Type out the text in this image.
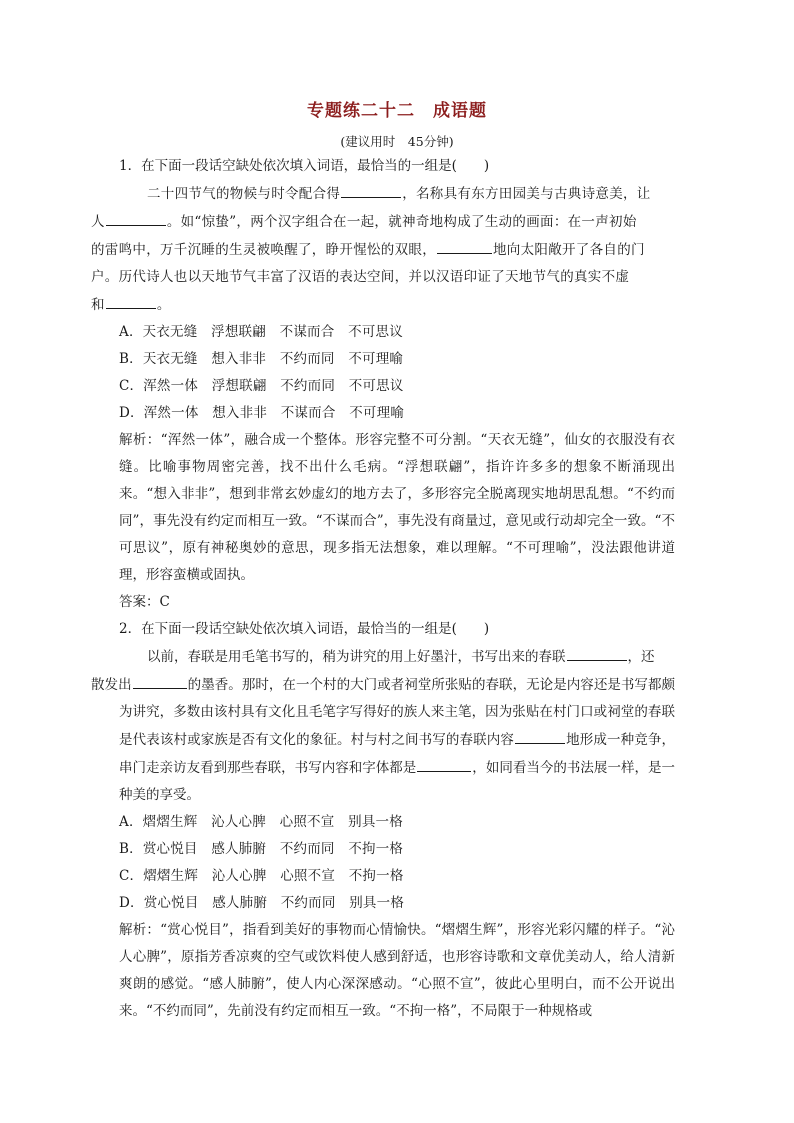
专题练二十二　成语题
(建议用时　45分钟)

1．在下面一段话空缺处依次填入词语，最恰当的一组是(　　)

二十四节气的物候与时令配合得	，名称具有东方田园美与古典诗意美，让
人	。如“惊蛰”，两个汉字组合在一起，就神奇地构成了生动的画面：在一声初始
的雷鸣中，万千沉睡的生灵被唤醒了，睁开惺忪的双眼，	地向太阳敞开了各自的门
户。历代诗人也以天地节气丰富了汉语的表达空间，并以汉语印证了天地节气的真实不虚
和	。

A．天衣无缝　浮想联翩　不谋而合　不可思议

B．天衣无缝　想入非非　不约而同　不可理喻

C．浑然一体　浮想联翩　不约而同　不可思议

D．浑然一体　想入非非　不谋而合　不可理喻

解析：“浑然一体”，融合成一个整体。形容完整不可分割。“天衣无缝”，仙女的衣服没有衣缝。比喻事物周密完善，找不出什么毛病。“浮想联翩”，指许许多多的想象不断涌现出来。“想入非非”，想到非常玄妙虚幻的地方去了，多形容完全脱离现实地胡思乱想。“不约而同”，事先没有约定而相互一致。“不谋而合”，事先没有商量过，意见或行动却完全一致。“不可思议”，原有神秘奥妙的意思，现多指无法想象，难以理解。“不可理喻”，没法跟他讲道理，形容蛮横或固执。

答案：C

2．在下面一段话空缺处依次填入词语，最恰当的一组是(　　)

以前，春联是用毛笔书写的，稍为讲究的用上好墨汁，书写出来的春联	，还
散发出	的墨香。那时，在一个村的大门或者祠堂所张贴的春联，无论是内容还是书写都颇为讲究，多数由该村具有文化且毛笔字写得好的族人来主笔，因为张贴在村门口或祠堂的春联是代表该村或家族是否有文化的象征。村与村之间书写的春联内容	地形成一种竞争，串门走亲访友看到那些春联，书写内容和字体都是	，如同看当今的书法展一样，是一种美的享受。

A．熠熠生辉　沁人心脾　心照不宣　别具一格

B．赏心悦目　感人肺腑　不约而同　不拘一格

C．熠熠生辉　沁人心脾　心照不宣　不拘一格

D．赏心悦目　感人肺腑　不约而同　别具一格

解析：“赏心悦目”，指看到美好的事物而心情愉快。“熠熠生辉”，形容光彩闪耀的样子。“沁人心脾”，原指芳香凉爽的空气或饮料使人感到舒适，也形容诗歌和文章优美动人，给人清新爽朗的感觉。“感人肺腑”，使人内心深深感动。“心照不宣”，彼此心里明白，而不公开说出来。“不约而同”，先前没有约定而相互一致。“不拘一格”，不局限于一种规格或
